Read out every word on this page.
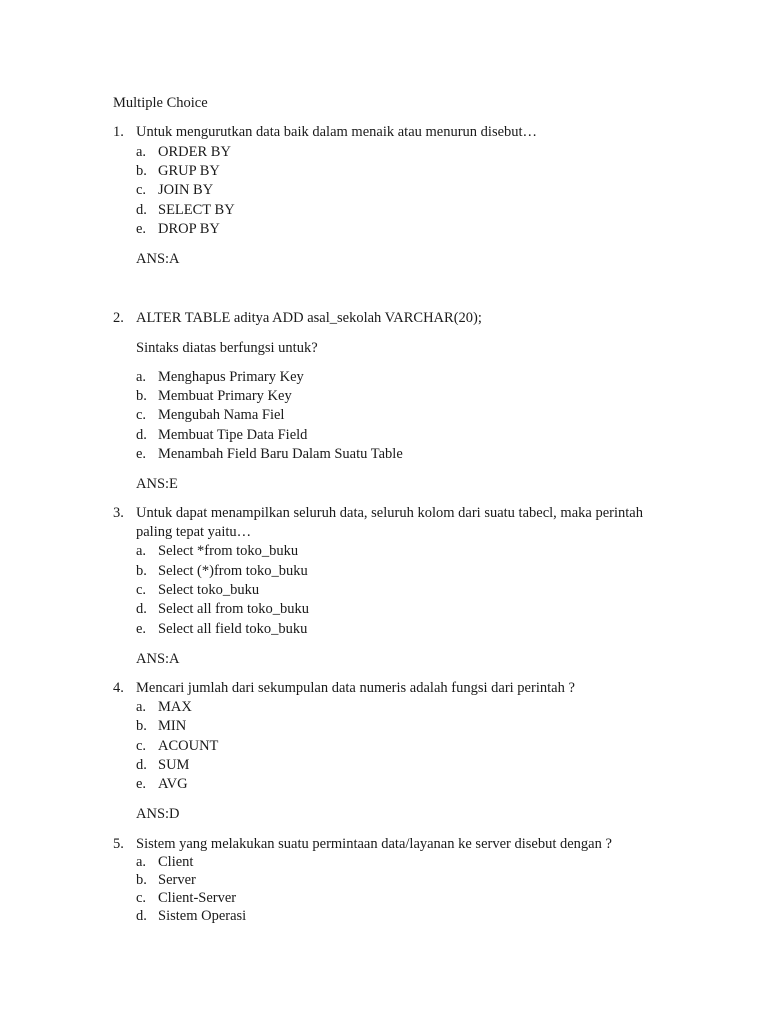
Multiple Choice
1. Untuk mengurutkan data baik dalam menaik atau menurun disebut…
a. ORDER BY
b. GRUP BY
c. JOIN BY
d. SELECT BY
e. DROP BY
ANS:A
2. ALTER TABLE aditya ADD asal_sekolah VARCHAR(20);
Sintaks diatas berfungsi untuk?
a. Menghapus Primary Key
b. Membuat Primary Key
c. Mengubah Nama Fiel
d. Membuat Tipe Data Field
e. Menambah Field Baru Dalam Suatu Table
ANS:E
3. Untuk dapat menampilkan seluruh data, seluruh kolom dari suatu tabecl, maka perintah
paling tepat yaitu…
a. Select *from toko_buku
b. Select (*)from toko_buku
c. Select toko_buku
d. Select all from toko_buku
e. Select all field toko_buku
ANS:A
4. Mencari jumlah dari sekumpulan data numeris adalah fungsi dari perintah ?
a. MAX
b. MIN
c. ACOUNT
d. SUM
e. AVG
ANS:D
5. Sistem yang melakukan suatu permintaan data/layanan ke server disebut dengan ?
a. Client
b. Server
c. Client-Server
d. Sistem Operasi
